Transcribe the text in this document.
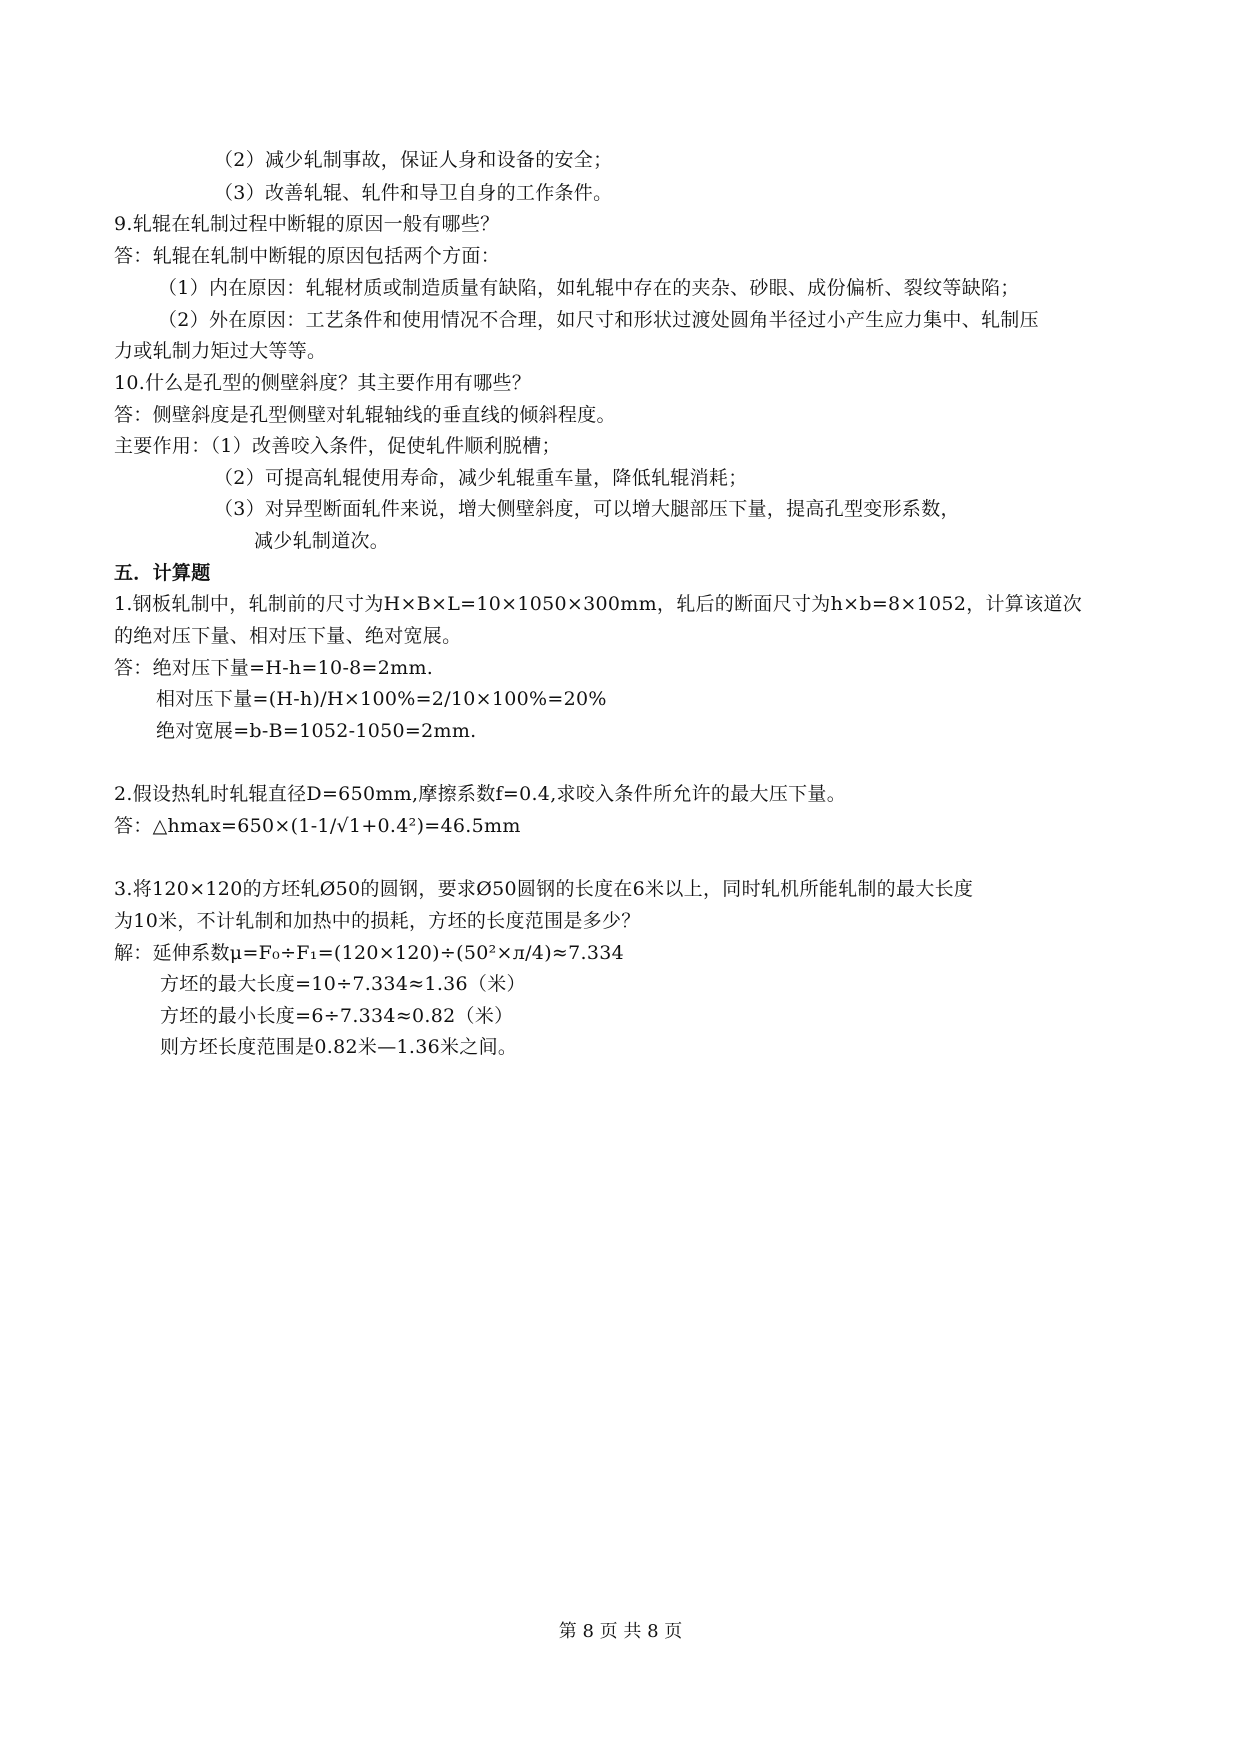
（2）减少轧制事故，保证人身和设备的安全；
（3）改善轧辊、轧件和导卫自身的工作条件。
9.轧辊在轧制过程中断辊的原因一般有哪些？
答：轧辊在轧制中断辊的原因包括两个方面：
（1）内在原因：轧辊材质或制造质量有缺陷，如轧辊中存在的夹杂、砂眼、成份偏析、裂纹等缺陷；
（2）外在原因：工艺条件和使用情况不合理，如尺寸和形状过渡处圆角半径过小产生应力集中、轧制压
力或轧制力矩过大等等。
10.什么是孔型的侧壁斜度？其主要作用有哪些？
答：侧壁斜度是孔型侧壁对轧辊轴线的垂直线的倾斜程度。
主要作用：（1）改善咬入条件，促使轧件顺利脱槽；
（2）可提高轧辊使用寿命，减少轧辊重车量，降低轧辊消耗；
（3）对异型断面轧件来说，增大侧壁斜度，可以增大腿部压下量，提高孔型变形系数，
减少轧制道次。
五．计算题
1.钢板轧制中，轧制前的尺寸为H×B×L=10×1050×300mm，轧后的断面尺寸为h×b=8×1052，计算该道次
的绝对压下量、相对压下量、绝对宽展。
答：绝对压下量=H-h=10-8=2mm.
相对压下量=(H-h)/H×100%=2/10×100%=20%
绝对宽展=b-B=1052-1050=2mm.
2.假设热轧时轧辊直径D=650mm,摩擦系数f=0.4,求咬入条件所允许的最大压下量。
答：△hmax=650×(1-1/√1+0.4²)=46.5mm
3.将120×120的方坯轧Ø50的圆钢，要求Ø50圆钢的长度在6米以上，同时轧机所能轧制的最大长度
为10米，不计轧制和加热中的损耗，方坯的长度范围是多少？
解：延伸系数μ=F₀÷F₁=(120×120)÷(50²×л/4)≈7.334
方坯的最大长度=10÷7.334≈1.36（米）
方坯的最小长度=6÷7.334≈0.82（米）
则方坯长度范围是0.82米—1.36米之间。
第 8 页 共 8 页
